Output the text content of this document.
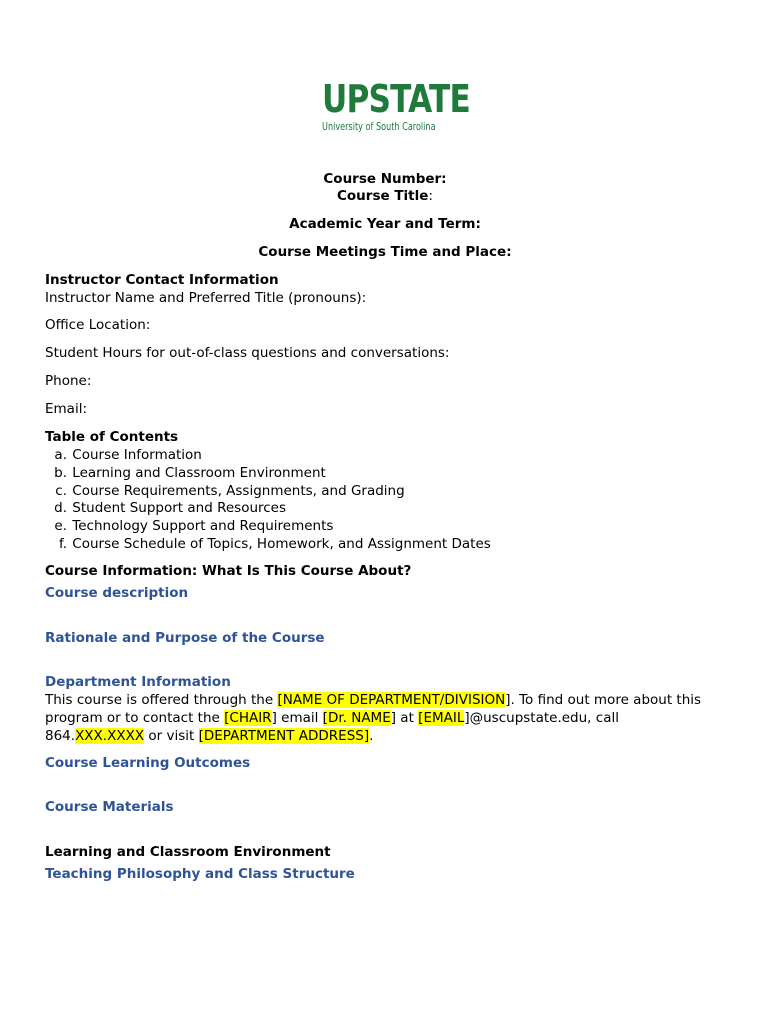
UPSTATE
University of South Carolina
Course Number:
Course Title:
Academic Year and Term:
Course Meetings Time and Place:
Instructor Contact Information
Instructor Name and Preferred Title (pronouns):
Office Location:
Student Hours for out-of-class questions and conversations:
Phone:
Email:
Table of Contents
a. Course Information
b. Learning and Classroom Environment
c. Course Requirements, Assignments, and Grading
d. Student Support and Resources
e. Technology Support and Requirements
f. Course Schedule of Topics, Homework, and Assignment Dates
Course Information: What Is This Course About?
Course description
Rationale and Purpose of the Course
Department Information
This course is offered through the [NAME OF DEPARTMENT/DIVISION]. To find out more about this
program or to contact the [CHAIR] email [Dr. NAME] at [EMAIL]@uscupstate.edu, call
864.XXX.XXXX or visit [DEPARTMENT ADDRESS].
Course Learning Outcomes
Course Materials
Learning and Classroom Environment
Teaching Philosophy and Class Structure
